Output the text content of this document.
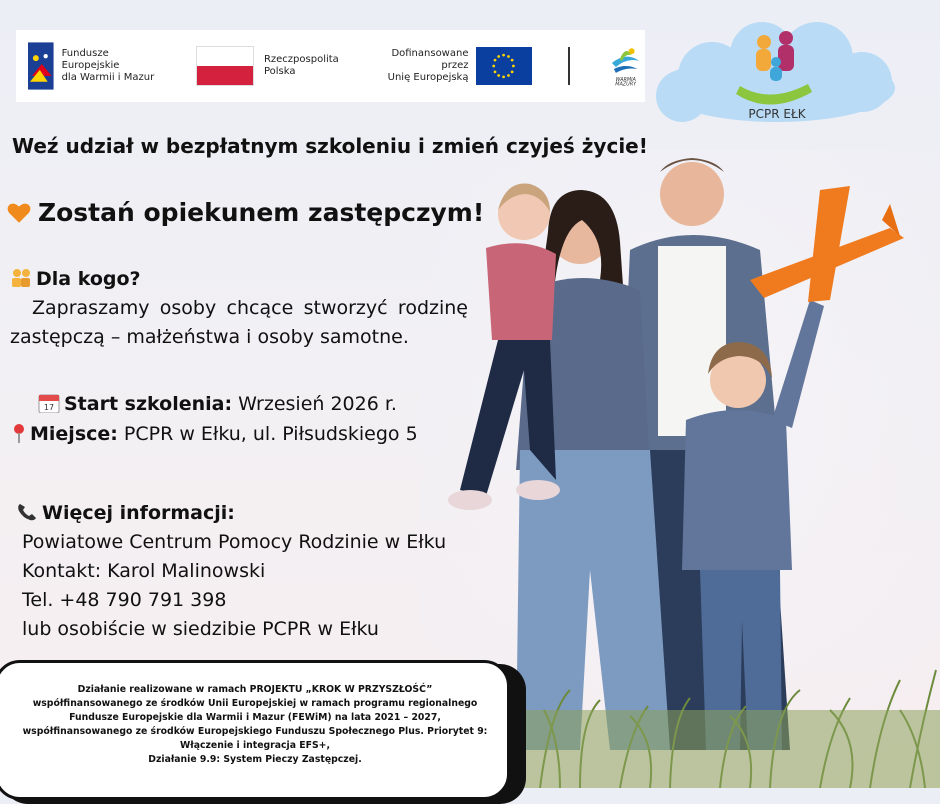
Fundusze Europejskie
dla Warmii i Mazur
Rzeczpospolita
Polska
Dofinansowane przez
Unię Europejską	WARMIA
MAZURY
PCPR EŁK
Weź udział w bezpłatnym szkoleniu i zmień czyjeś życie!
Zostań opiekunem zastępczym!
Dla kogo?
Zapraszamy osoby chcące stworzyć rodzinę
zastępczą – małżeństwa i osoby samotne.
17 Start szkolenia: Wrzesień 2026 r.
Miejsce: PCPR w Ełku, ul. Piłsudskiego 5
Więcej informacji:
Powiatowe Centrum Pomocy Rodzinie w Ełku
Kontakt: Karol Malinowski
Tel. +48 790 791 398
lub osobiście w siedzibie PCPR w Ełku
Działanie realizowane w ramach PROJEKTU „KROK W PRZYSZŁOŚĆ”
współfinansowanego ze środków Unii Europejskiej w ramach programu regionalnego
Fundusze Europejskie dla Warmii i Mazur (FEWiM) na lata 2021 – 2027,
współfinansowanego ze środków Europejskiego Funduszu Społecznego Plus. Priorytet 9:
Włączenie i integracja EFS+,
Działanie 9.9: System Pieczy Zastępczej.
